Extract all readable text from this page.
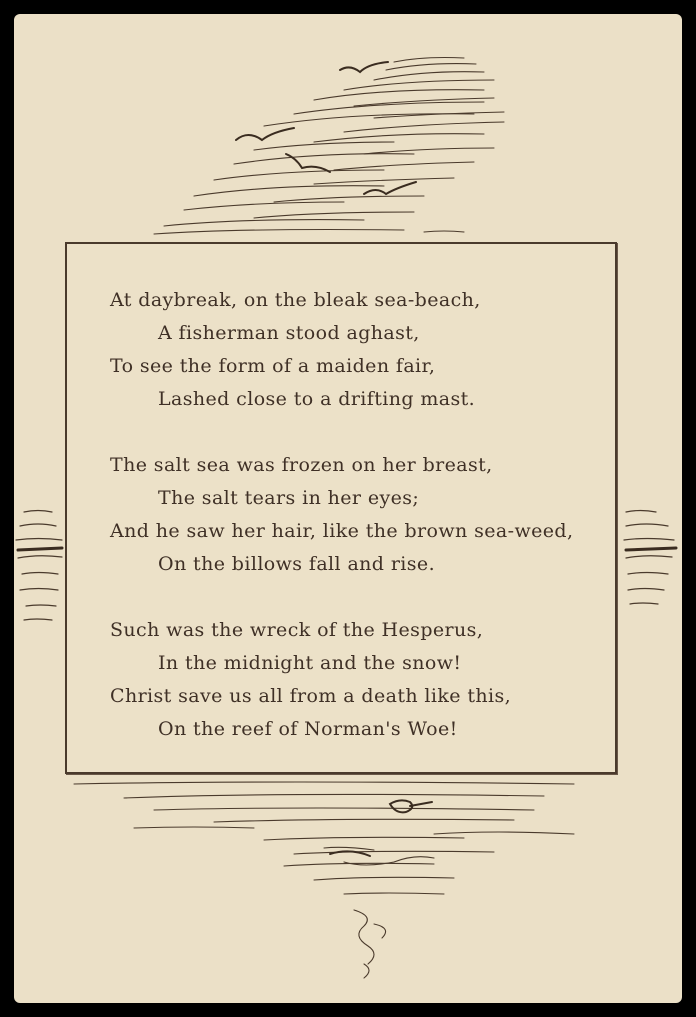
At daybreak, on the bleak sea-beach,
A fisherman stood aghast,
To see the form of a maiden fair,
Lashed close to a drifting mast.
The salt sea was frozen on her breast,
The salt tears in her eyes;
And he saw her hair, like the brown sea-weed,
On the billows fall and rise.
Such was the wreck of the Hesperus,
In the midnight and the snow!
Christ save us all from a death like this,
On the reef of Norman's Woe!
